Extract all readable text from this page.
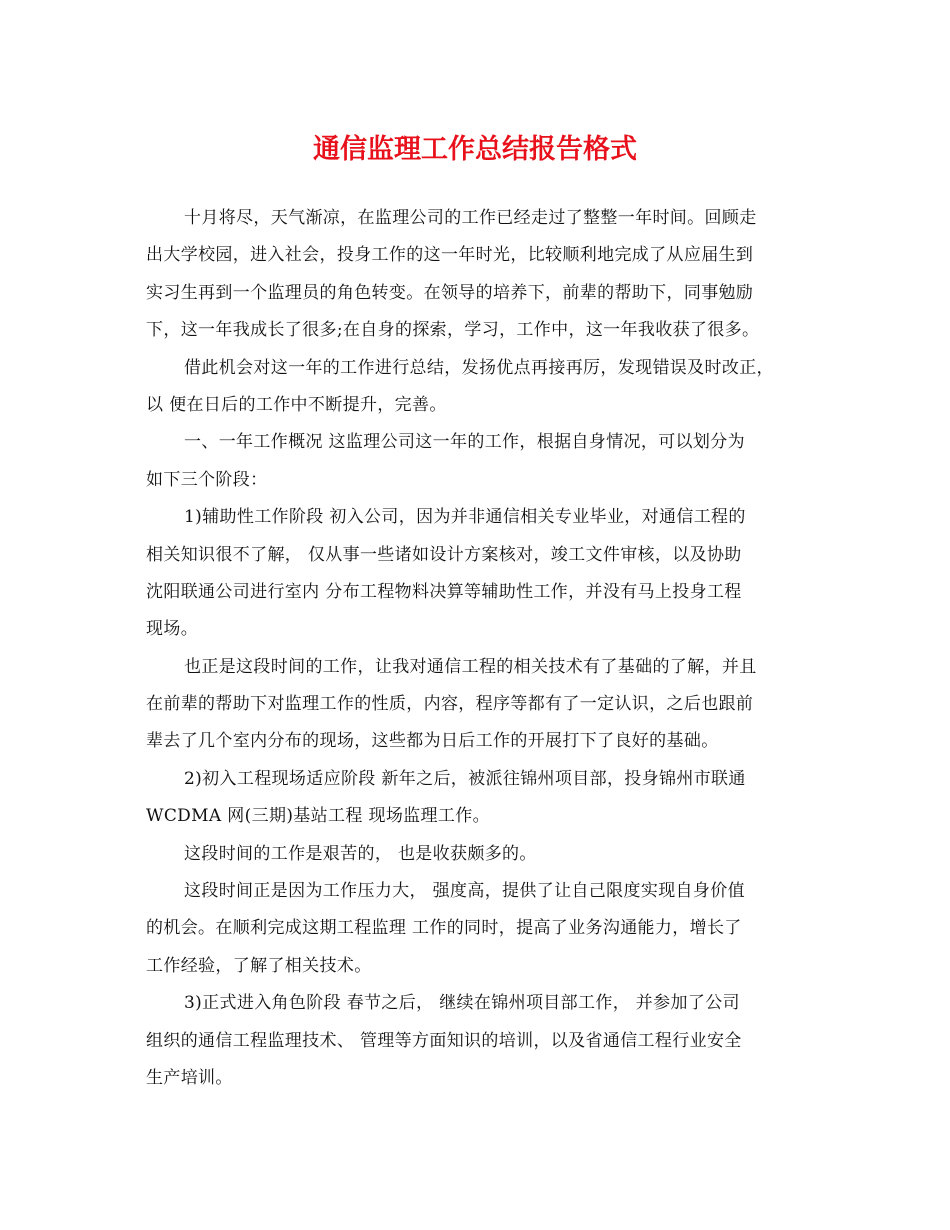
通信监理工作总结报告格式

十月将尽，天气渐凉，在监理公司的工作已经走过了整整一年时间。回顾走
出大学校园，进入社会，投身工作的这一年时光，比较顺利地完成了从应届生到
实习生再到一个监理员的角色转变。在领导的培养下，前辈的帮助下，同事勉励
下，这一年我成长了很多;在自身的探索，学习，工作中，这一年我收获了很多。

借此机会对这一年的工作进行总结，发扬优点再接再厉，发现错误及时改正，
以 便在日后的工作中不断提升，完善。

一、一年工作概况 这监理公司这一年的工作，根据自身情况，可以划分为
如下三个阶段：

1)辅助性工作阶段 初入公司，因为并非通信相关专业毕业，对通信工程的
相关知识很不了解， 仅从事一些诸如设计方案核对，竣工文件审核，以及协助
沈阳联通公司进行室内 分布工程物料决算等辅助性工作，并没有马上投身工程
现场。

也正是这段时间的工作，让我对通信工程的相关技术有了基础的了解，并且
在前辈的帮助下对监理工作的性质，内容，程序等都有了一定认识，之后也跟前
辈去了几个室内分布的现场，这些都为日后工作的开展打下了良好的基础。

2)初入工程现场适应阶段 新年之后，被派往锦州项目部，投身锦州市联通
WCDMA 网(三期)基站工程 现场监理工作。

这段时间的工作是艰苦的， 也是收获颇多的。

这段时间正是因为工作压力大， 强度高，提供了让自己限度实现自身价值
的机会。在顺利完成这期工程监理 工作的同时，提高了业务沟通能力，增长了
工作经验，了解了相关技术。

3)正式进入角色阶段 春节之后， 继续在锦州项目部工作， 并参加了公司
组织的通信工程监理技术、 管理等方面知识的培训，以及省通信工程行业安全
生产培训。
